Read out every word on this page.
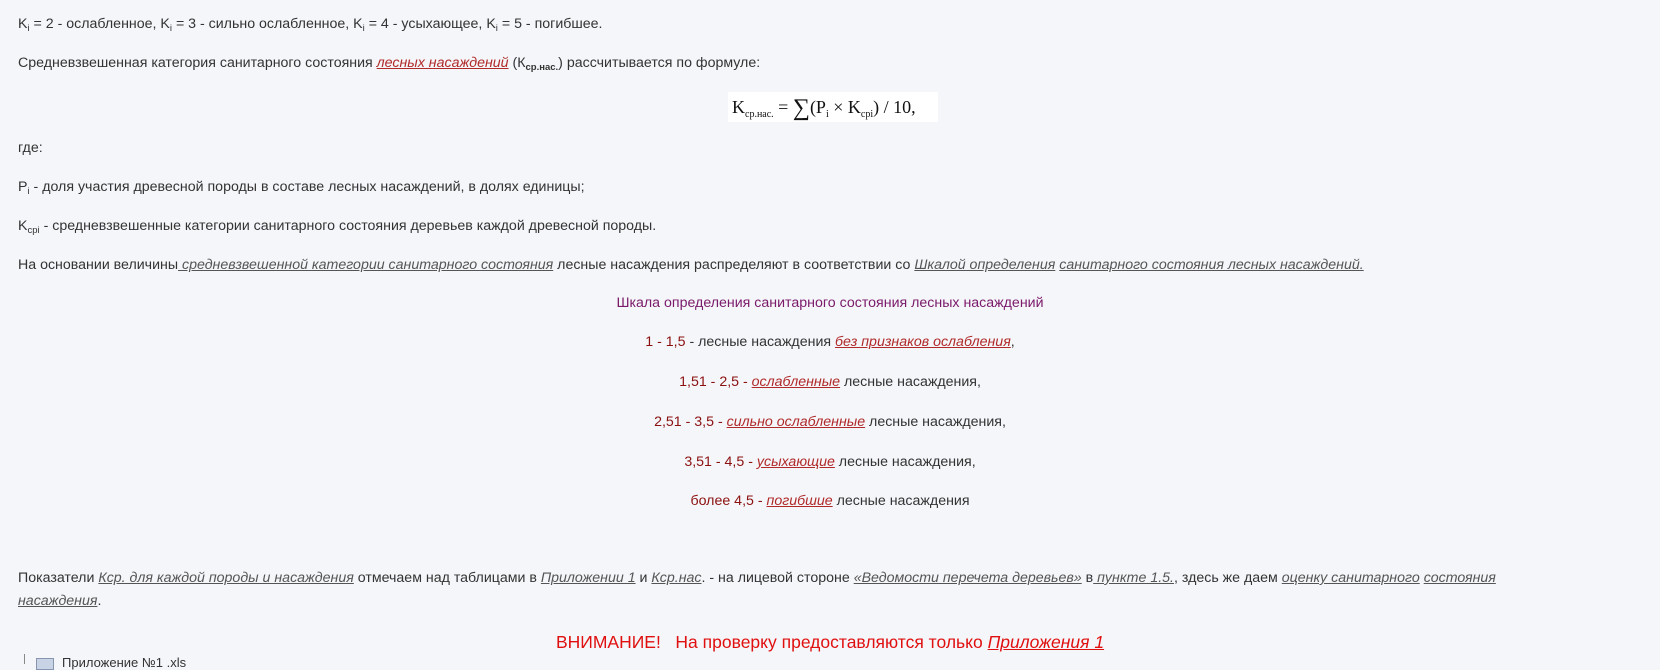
$K_i = 2$ - ослабленное, $K_i = 3$ - сильно ослабленное, $K_i = 4$ - усыхающее, $K_i = 5$ - погибшее.
Средневзвешенная категория санитарного состояния лесных насаждений $(К_{ср.нас.})$ рассчитывается по формуле:
$K_{ср.нас.} = \sum(P_i \times K_{срi}) / 10$,
где:
$P_i$ - доля участия древесной породы в составе лесных насаждений, в долях единицы;
$K_{срi}$ - средневзвешенные категории санитарного состояния деревьев каждой древесной породы.
На основании величины средневзвешенной категории санитарного состояния лесные насаждения распределяют в соответствии со Шкалой определения санитарного состояния лесных насаждений.
Шкала определения санитарного состояния лесных насаждений
1 - 1,5 - лесные насаждения без признаков ослабления,
1,51 - 2,5 - ослабленные лесные насаждения,
2,51 - 3,5 - сильно ослабленные лесные насаждения,
3,51 - 4,5 - усыхающие лесные насаждения,
более 4,5 - погибшие лесные насаждения
Показатели Кср. для каждой породы и насаждения отмечаем над таблицами в Приложении 1 и Кср.нас. - на лицевой стороне «Ведомости перечета деревьев» в пункте 1.5., здесь же даем оценку санитарного состояния
насаждения.
ВНИМАНИЕ!   На проверку предоставляются только Приложения 1
Приложение №1 .xls
